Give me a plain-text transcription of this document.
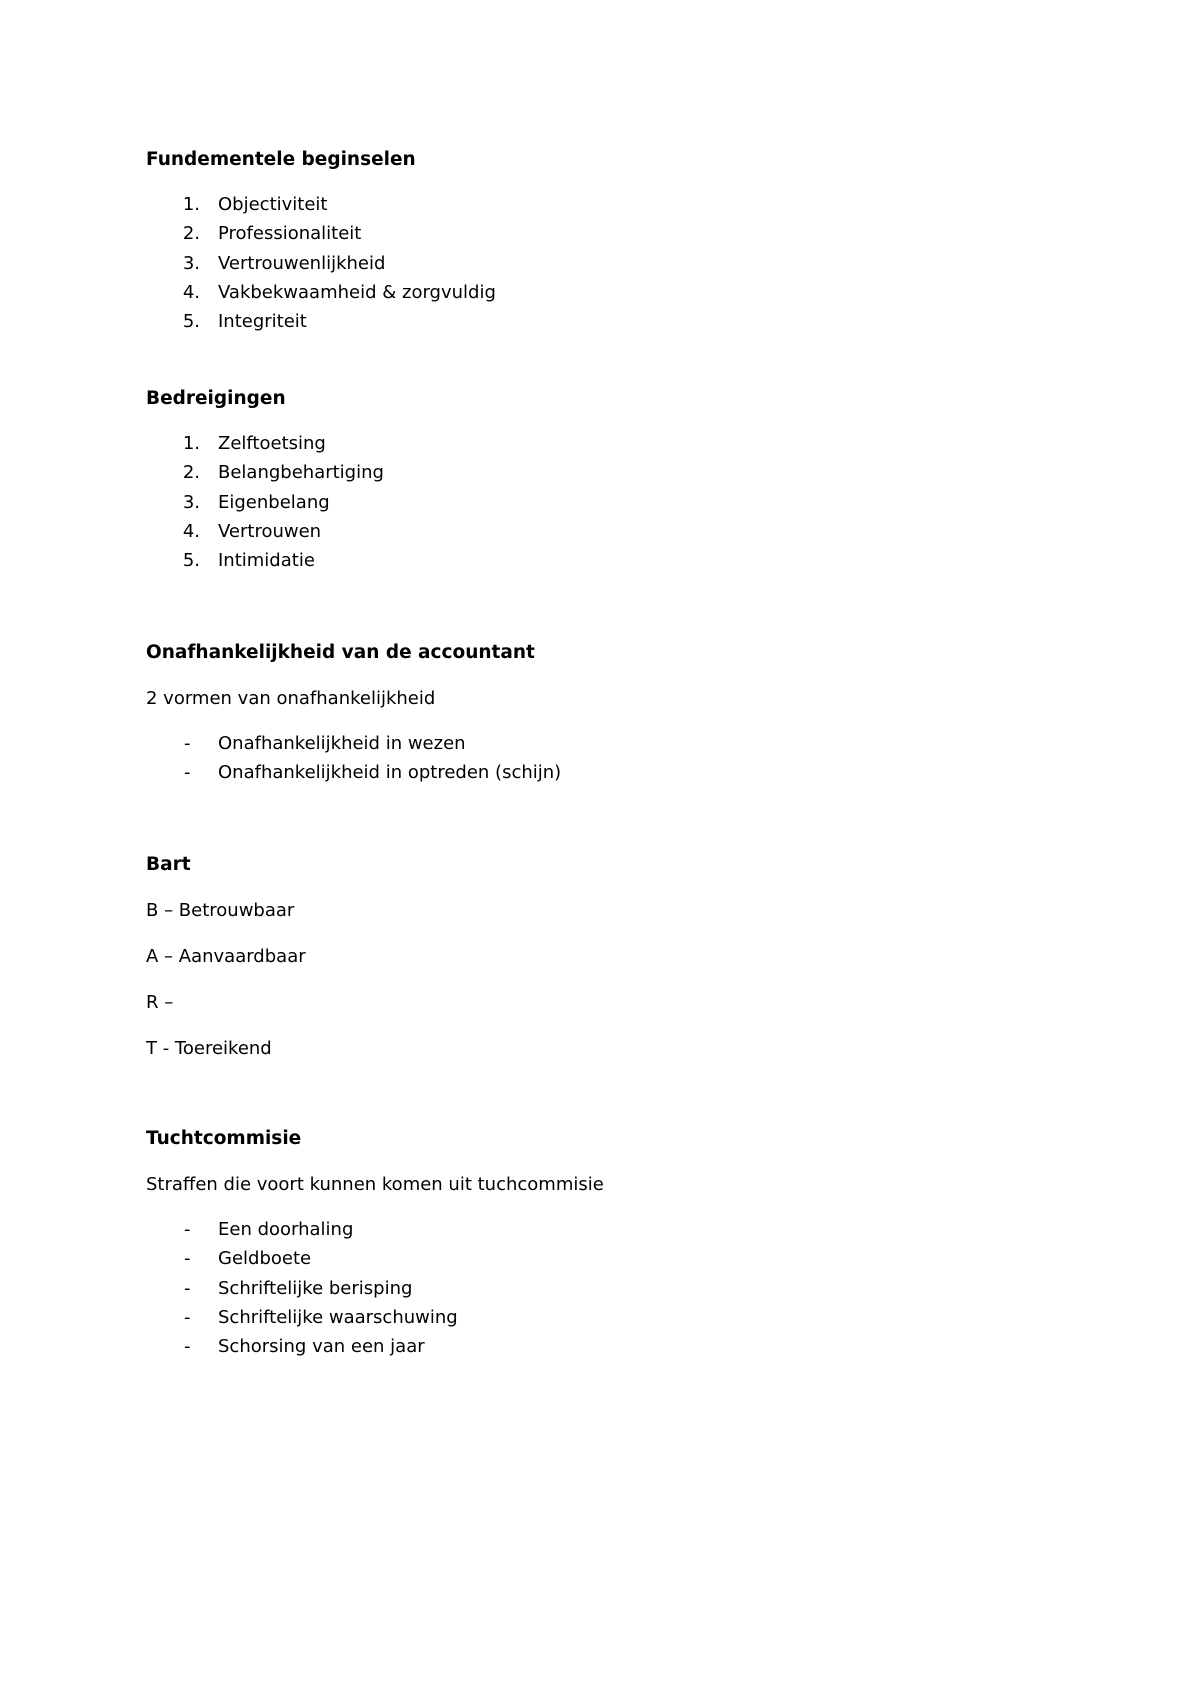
Fundementele beginselen
1. Objectiviteit
2. Professionaliteit
3. Vertrouwenlijkheid
4. Vakbekwaamheid & zorgvuldig
5. Integriteit
Bedreigingen
1. Zelftoetsing
2. Belangbehartiging
3. Eigenbelang
4. Vertrouwen
5. Intimidatie
Onafhankelijkheid van de accountant

2 vormen van onafhankelijkheid

-	Onafhankelijkheid in wezen
-	Onafhankelijkheid in optreden (schijn)
Bart

B – Betrouwbaar

A – Aanvaardbaar

R –

T - Toereikend

Tuchtcommisie

Straffen die voort kunnen komen uit tuchcommisie

-	Een doorhaling
-	Geldboete
-	Schriftelijke berisping
-	Schriftelijke waarschuwing
-	Schorsing van een jaar
